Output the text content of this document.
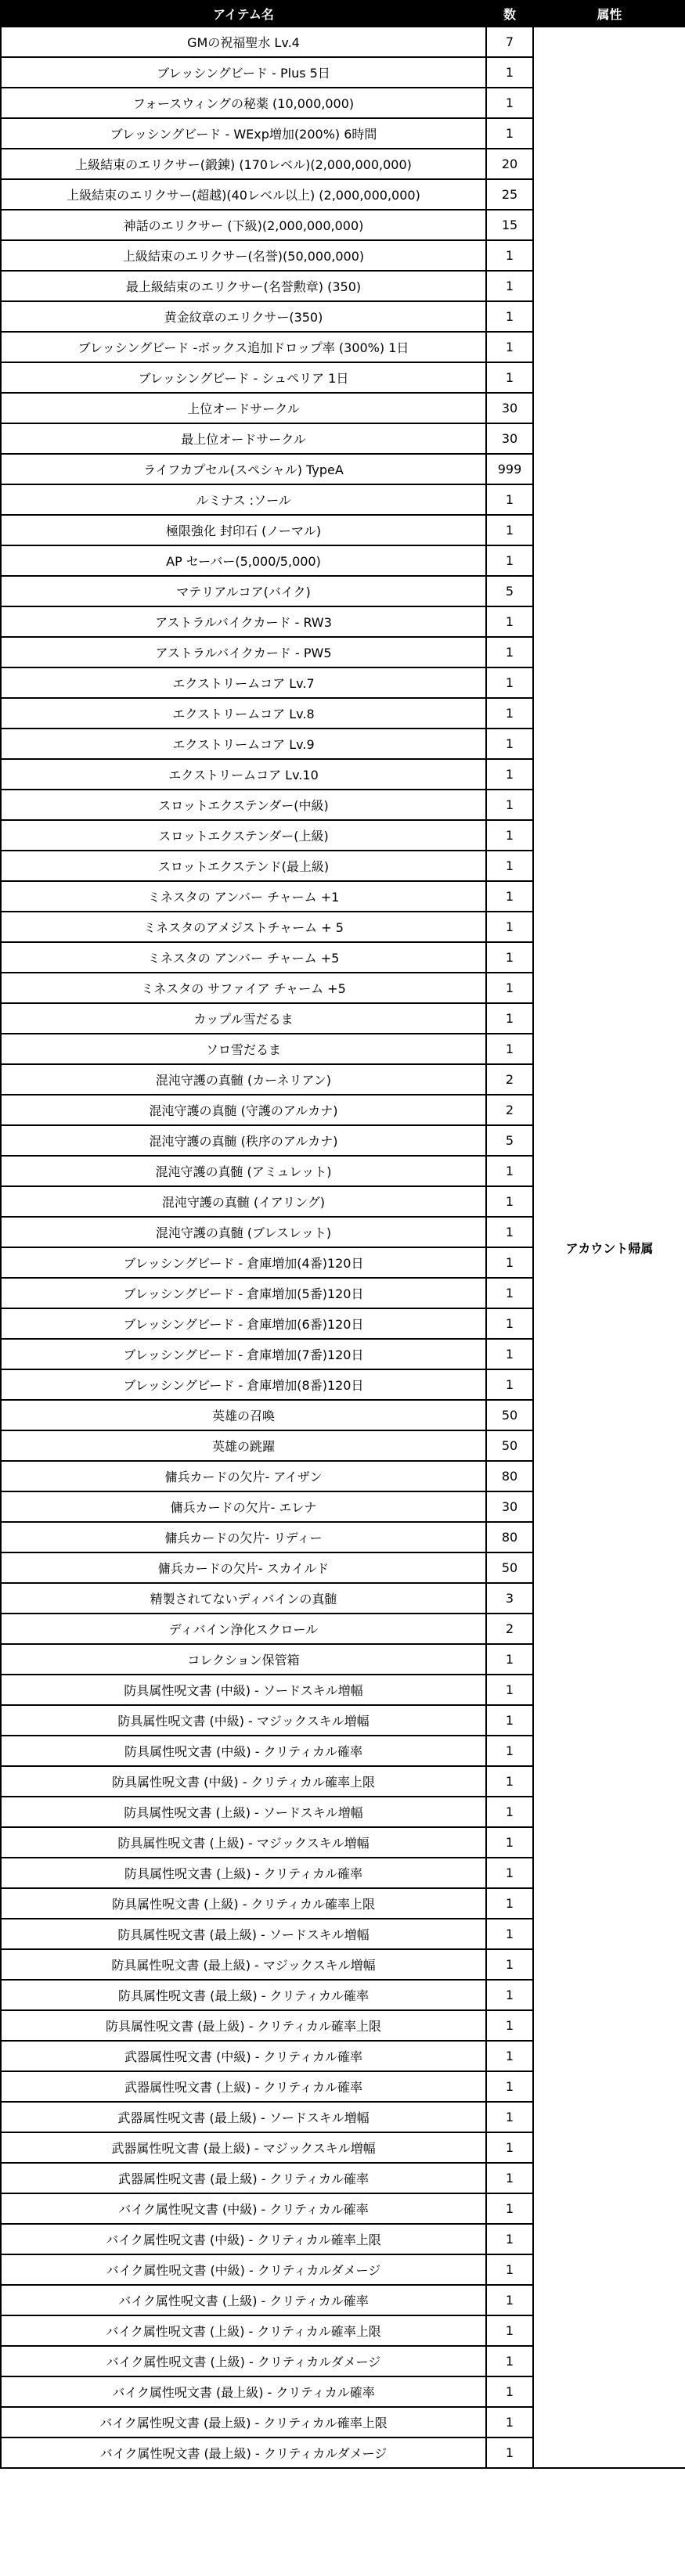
アイテム名	数	属性
GMの祝福聖水 Lv.4	7	アカウント帰属
ブレッシングビード - Plus 5日	1	
フォースウィングの秘薬 (10,000,000)	1	
ブレッシングビード - WExp増加(200%) 6時間	1	
上級結束のエリクサー(鍛錬) (170レベル)(2,000,000,000)	20	
上級結束のエリクサー(超越)(40レベル以上) (2,000,000,000)	25	
神話のエリクサー (下級)(2,000,000,000)	15	
上級結束のエリクサー(名誉)(50,000,000)	1	
最上級結束のエリクサー(名誉勲章) (350)	1	
黄金紋章のエリクサー(350)	1	
ブレッシングビード -ボックス追加ドロップ率 (300%) 1日	1	
ブレッシングビード - シュペリア 1日	1	
上位オードサークル	30	
最上位オードサークル	30	
ライフカプセル(スペシャル) TypeA	999	
ルミナス :ソール	1	
極限強化 封印石 (ノーマル)	1	
AP セーバー(5,000/5,000)	1	
マテリアルコア(バイク)	5	
アストラルバイクカード - RW3	1	
アストラルバイクカード - PW5	1	
エクストリームコア Lv.7	1	
エクストリームコア Lv.8	1	
エクストリームコア Lv.9	1	
エクストリームコア Lv.10	1	
スロットエクステンダー(中級)	1	
スロットエクステンダー(上級)	1	
スロットエクステンド(最上級)	1	
ミネスタの アンバー チャーム +1	1	
ミネスタのアメジストチャーム + 5	1	
ミネスタの アンバー チャーム +5	1	
ミネスタの サファイア チャーム +5	1	
カップル雪だるま	1	
ソロ雪だるま	1	
混沌守護の真髄 (カーネリアン)	2	
混沌守護の真髄 (守護のアルカナ)	2	
混沌守護の真髄 (秩序のアルカナ)	5	
混沌守護の真髄 (アミュレット)	1	
混沌守護の真髄 (イアリング)	1	
混沌守護の真髄 (ブレスレット)	1	
ブレッシングビード - 倉庫増加(4番)120日	1	
ブレッシングビード - 倉庫増加(5番)120日	1	
ブレッシングビード - 倉庫増加(6番)120日	1	
ブレッシングビード - 倉庫増加(7番)120日	1	
ブレッシングビード - 倉庫増加(8番)120日	1	
英雄の召喚	50	
英雄の跳躍	50	
傭兵カードの欠片- アイザン	80	
傭兵カードの欠片- エレナ	30	
傭兵カードの欠片- リディー	80	
傭兵カードの欠片- スカイルド	50	
精製されてないディバインの真髄	3	
ディバイン浄化スクロール	2	
コレクション保管箱	1	
防具属性呪文書 (中級) - ソードスキル増幅	1	
防具属性呪文書 (中級) - マジックスキル増幅	1	
防具属性呪文書 (中級) - クリティカル確率	1	
防具属性呪文書 (中級) - クリティカル確率上限	1	
防具属性呪文書 (上級) - ソードスキル増幅	1	
防具属性呪文書 (上級) - マジックスキル増幅	1	
防具属性呪文書 (上級) - クリティカル確率	1	
防具属性呪文書 (上級) - クリティカル確率上限	1	
防具属性呪文書 (最上級) - ソードスキル増幅	1	
防具属性呪文書 (最上級) - マジックスキル増幅	1	
防具属性呪文書 (最上級) - クリティカル確率	1	
防具属性呪文書 (最上級) - クリティカル確率上限	1	
武器属性呪文書 (中級) - クリティカル確率	1	
武器属性呪文書 (上級) - クリティカル確率	1	
武器属性呪文書 (最上級) - ソードスキル増幅	1	
武器属性呪文書 (最上級) - マジックスキル増幅	1	
武器属性呪文書 (最上級) - クリティカル確率	1	
バイク属性呪文書 (中級) - クリティカル確率	1	
バイク属性呪文書 (中級) - クリティカル確率上限	1	
バイク属性呪文書 (中級) - クリティカルダメージ	1	
バイク属性呪文書 (上級) - クリティカル確率	1	
バイク属性呪文書 (上級) - クリティカル確率上限	1	
バイク属性呪文書 (上級) - クリティカルダメージ	1	
バイク属性呪文書 (最上級) - クリティカル確率	1	
バイク属性呪文書 (最上級) - クリティカル確率上限	1	
バイク属性呪文書 (最上級) - クリティカルダメージ	1	
